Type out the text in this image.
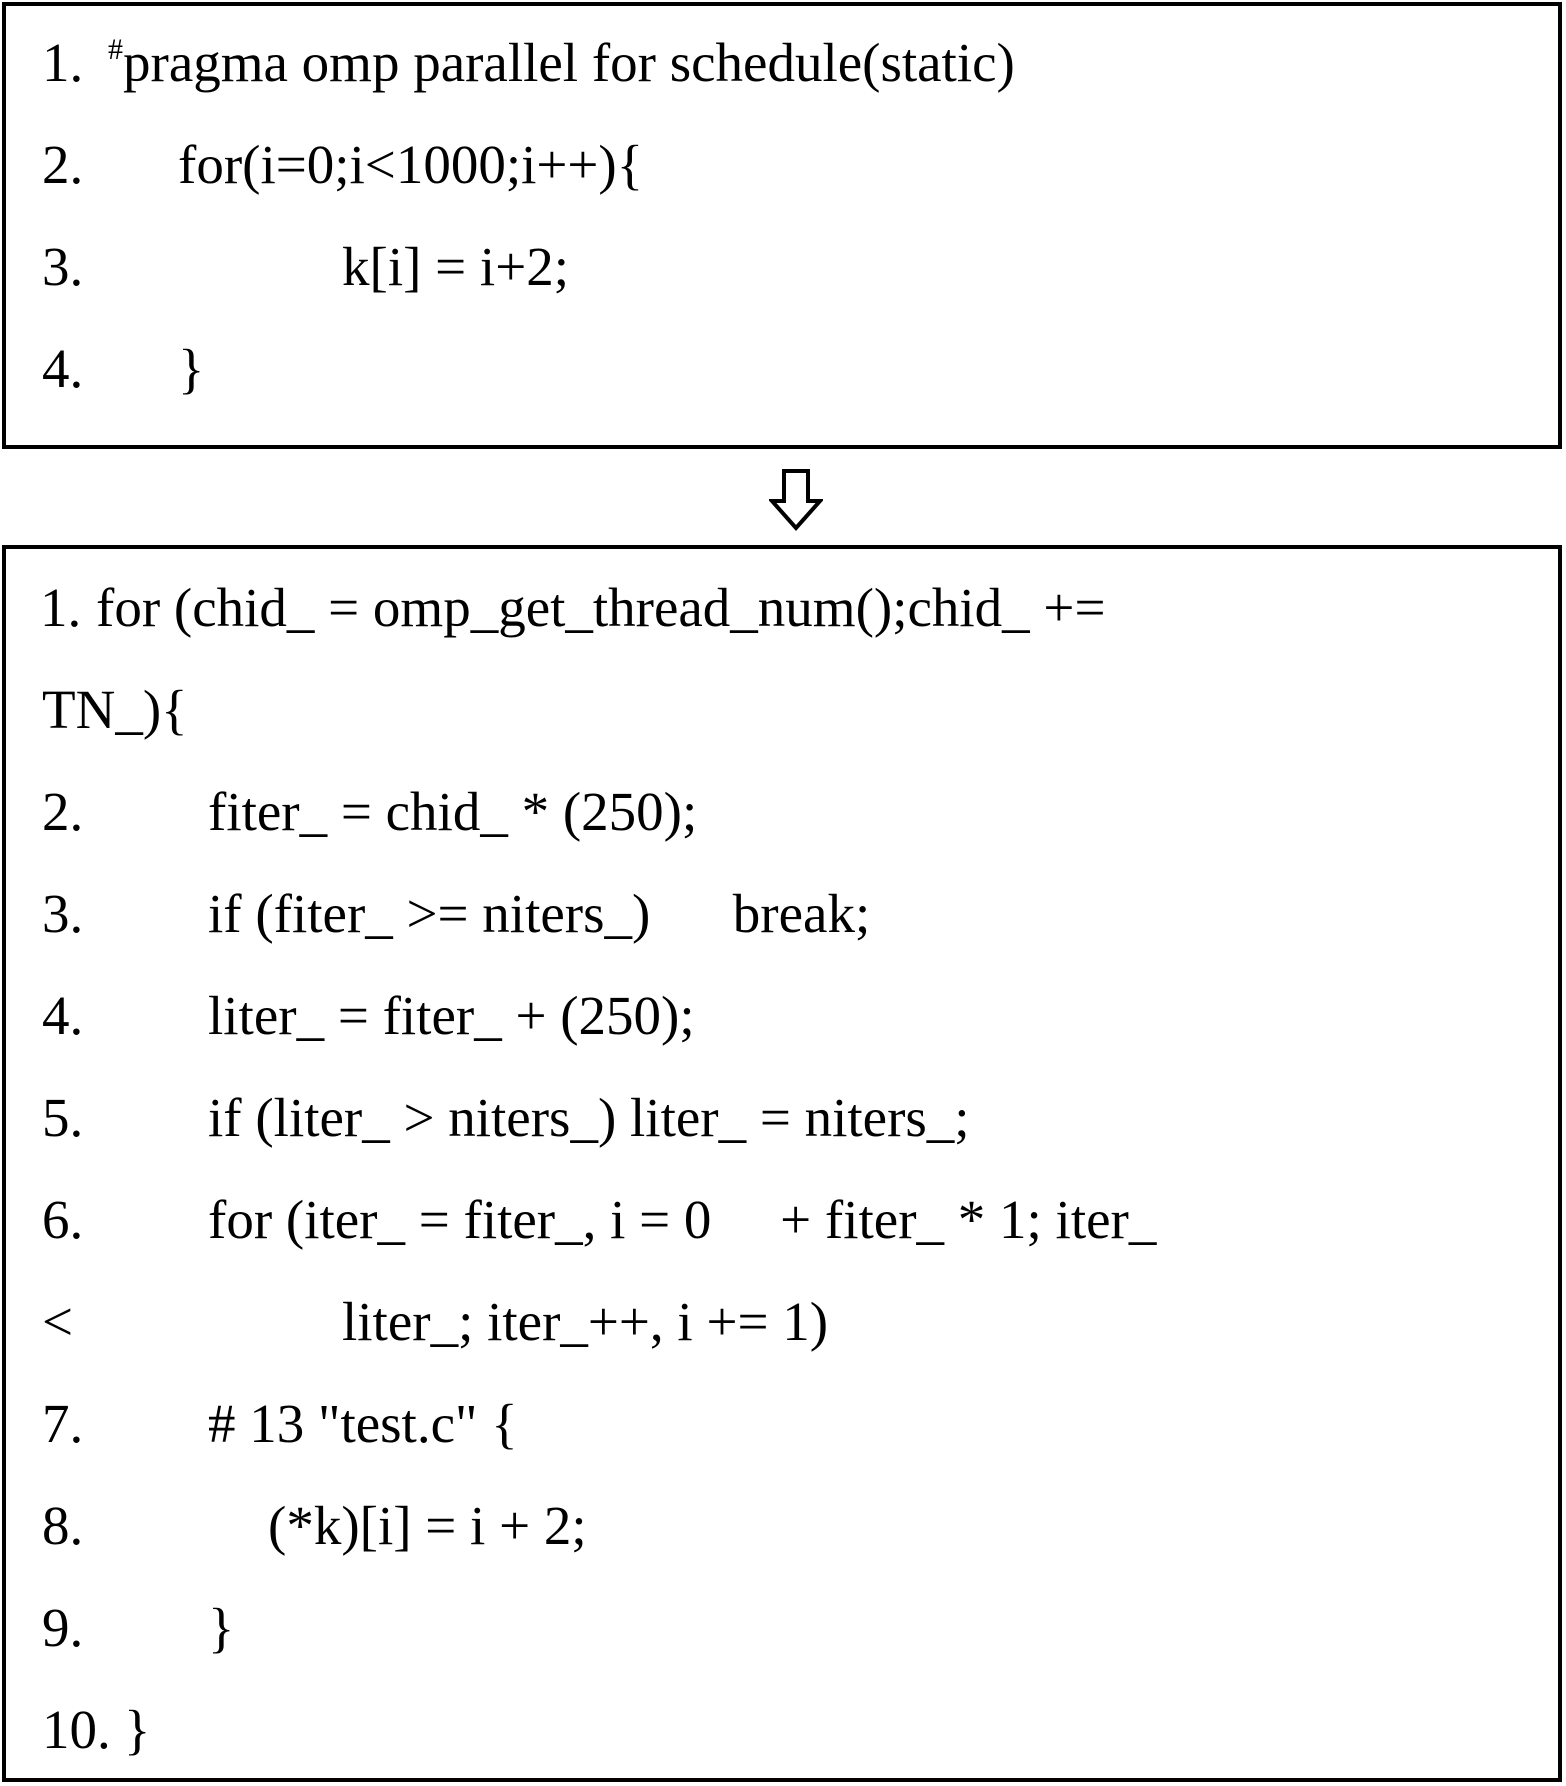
1. #pragma omp parallel for schedule(static)
2. for(i=0;i<1000;i++){
3.	k[i] = i+2;
4. }
1. for (chid_ = omp_get_thread_num();chid_ +=
TN_){
2. fiter_ = chid_ * (250);
3. if (fiter_ >= niters_)      break;
4. liter_ = fiter_ + (250);
5. if (liter_ > niters_) liter_ = niters_;
6. for (iter_ = fiter_, i = 0     + fiter_ * 1; iter_
<	liter_; iter_++, i += 1)
7. # 13 "test.c" {
8.	(*k)[i] = i + 2;
9. }
10. }
